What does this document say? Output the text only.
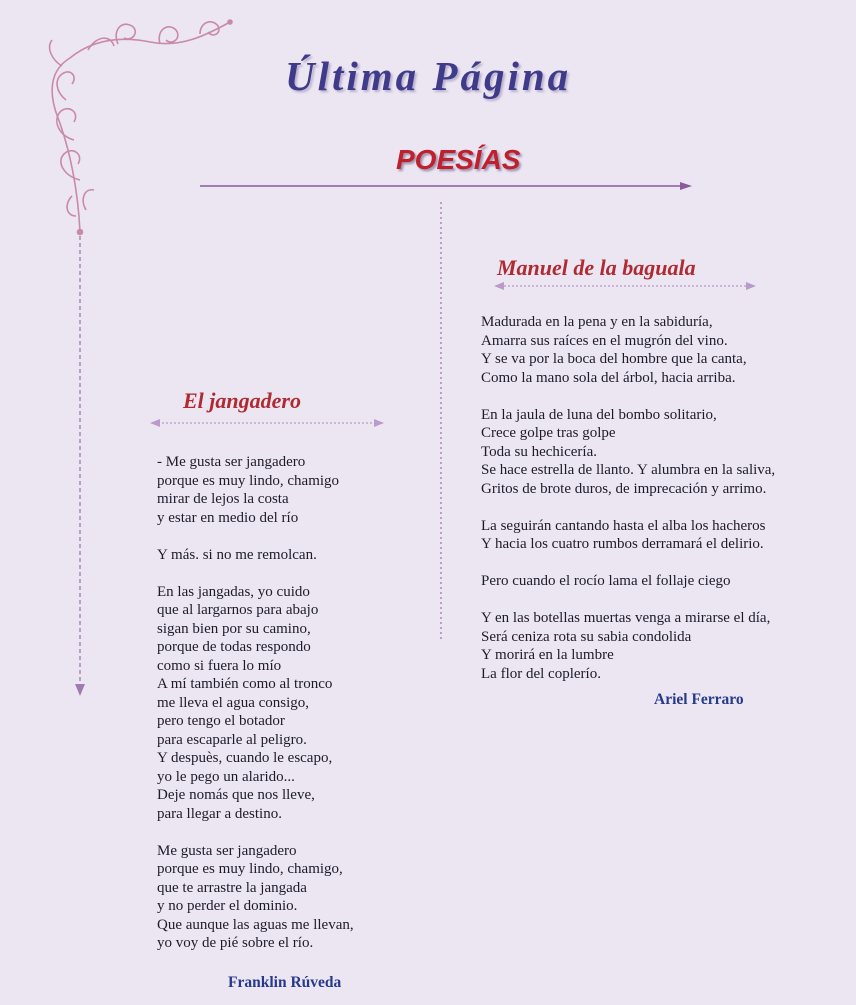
Última Página
POESÍAS
Manuel de la baguala
Madurada en la pena y en la sabiduría,
Amarra sus raíces en el mugrón del vino.
Y se va por la boca del hombre que la canta,
Como la mano sola del árbol, hacia arriba.
En la jaula de luna del bombo solitario,
Crece golpe tras golpe
Toda su hechicería.
Se hace estrella de llanto. Y alumbra en la saliva,
Gritos de brote duros, de imprecación y arrimo.
La seguirán cantando hasta el alba los hacheros
Y hacia los cuatro rumbos derramará el delirio.
Pero cuando el rocío lama el follaje ciego
Y en las botellas muertas venga a mirarse el día,
Será ceniza rota su sabia condolida
Y morirá en la lumbre
La flor del coplerío.
Ariel Ferraro
El jangadero
- Me gusta ser jangadero
porque es muy lindo, chamigo
mirar de lejos la costa
y estar en medio del río
Y más. si no me remolcan.
En las jangadas, yo cuido
que al largarnos para abajo
sigan bien por su camino,
porque de todas respondo
como si fuera lo mío
A mí también como al tronco
me lleva el agua consigo,
pero tengo el botador
para escaparle al peligro.
Y despuès, cuando le escapo,
yo le pego un alarido...
Deje nomás que nos lleve,
para llegar a destino.
Me gusta ser jangadero
porque es muy lindo, chamigo,
que te arrastre la jangada
y no perder el dominio.
Que aunque las aguas me llevan,
yo voy de pié sobre el río.
Franklin Rúveda
